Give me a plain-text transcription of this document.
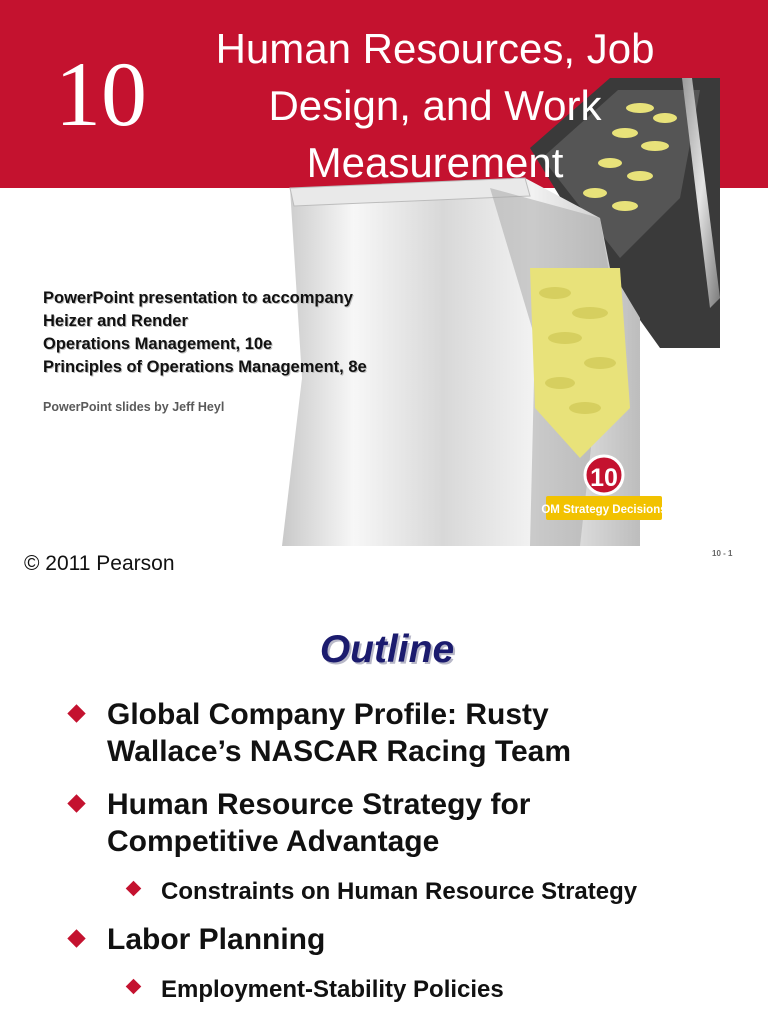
10	Human Resources, Job
Design, and Work
Measurement
10
OM Strategy Decisions
PowerPoint presentation to accompany
Heizer and Render
Operations Management, 10e
Principles of Operations Management, 8e
PowerPoint slides by Jeff Heyl
© 2011 Pearson	10 - 1
Outline
Global Company Profile: Rusty
Wallace’s NASCAR Racing Team
Human Resource Strategy for
Competitive Advantage
Constraints on Human Resource Strategy
Labor Planning
Employment-Stability Policies
